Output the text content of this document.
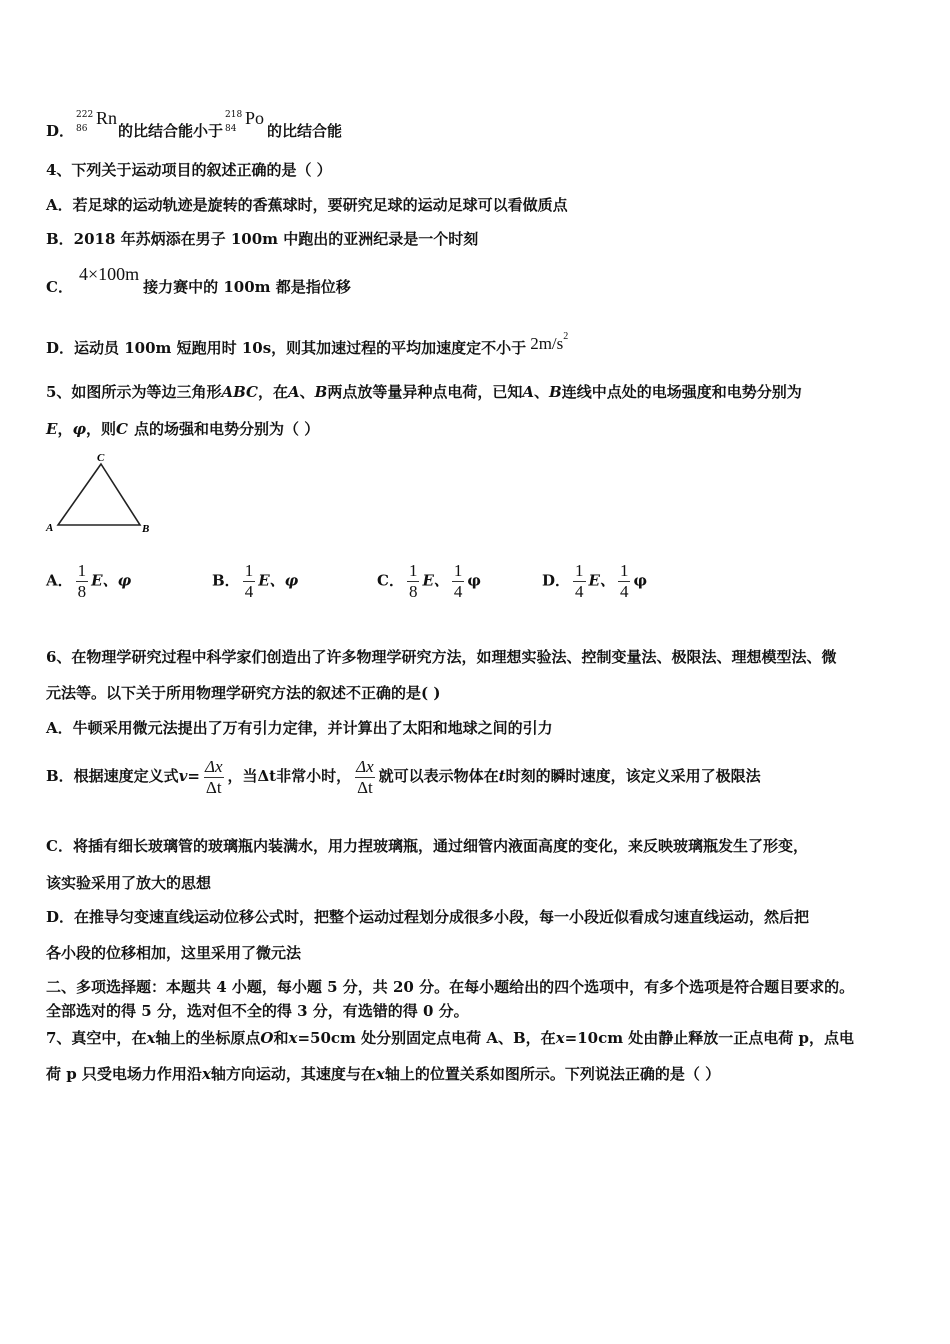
D．
222
86
Rn
的比结合能小于
218
84
Po
的比结合能
4、下列关于运动项目的叙述正确的是（ ）
A．若足球的运动轨迹是旋转的香蕉球时，要研究足球的运动足球可以看做质点
B．2018 年苏炳添在男子 100m 中跑出的亚洲纪录是一个时刻
C．4×100m接力赛中的 100m 都是指位移
D．运动员 100m 短跑用时 10s，则其加速过程的平均加速度定不小于 $2m/s^2$
5、如图所示为等边三角形ABC，在A、B两点放等量异种点电荷，已知A、B连线中点处的电场强度和电势分别为
E，φ，则C 点的场强和电势分别为（ ）
C
A	B
A． $\frac{1}{8}$ E、φ	B． $\frac{1}{4}$ E、φ	C． $\frac{1}{8}$ E、 $\frac{1}{4}$ φ	D． $\frac{1}{4}$ E、 $\frac{1}{4}$ φ
6、在物理学研究过程中科学家们创造出了许多物理学研究方法，如理想实验法、控制变量法、极限法、理想模型法、微
元法等。以下关于所用物理学研究方法的叙述不正确的是( )
A．牛顿采用微元法提出了万有引力定律，并计算出了太阳和地球之间的引力
B．根据速度定义式$v= \frac{\Delta x}{\Delta t}$ ，当Δt非常小时， $\frac{\Delta x}{\Delta t}$ 就可以表示物体在t时刻的瞬时速度，该定义采用了极限法
C．将插有细长玻璃管的玻璃瓶内装满水，用力捏玻璃瓶，通过细管内液面高度的变化，来反映玻璃瓶发生了形变，
该实验采用了放大的思想
D．在推导匀变速直线运动位移公式时，把整个运动过程划分成很多小段，每一小段近似看成匀速直线运动，然后把
各小段的位移相加，这里采用了微元法
二、多项选择题：本题共 4 小题，每小题 5 分，共 20 分。在每小题给出的四个选项中，有多个选项是符合题目要求的。
全部选对的得 5 分，选对但不全的得 3 分，有选错的得 0 分。
7、真空中，在x轴上的坐标原点O和x=50cm 处分别固定点电荷 A、B，在x=10cm 处由静止释放一正点电荷 p，点电
荷 p 只受电场力作用沿x轴方向运动，其速度与在x轴上的位置关系如图所示。下列说法正确的是（ ）
